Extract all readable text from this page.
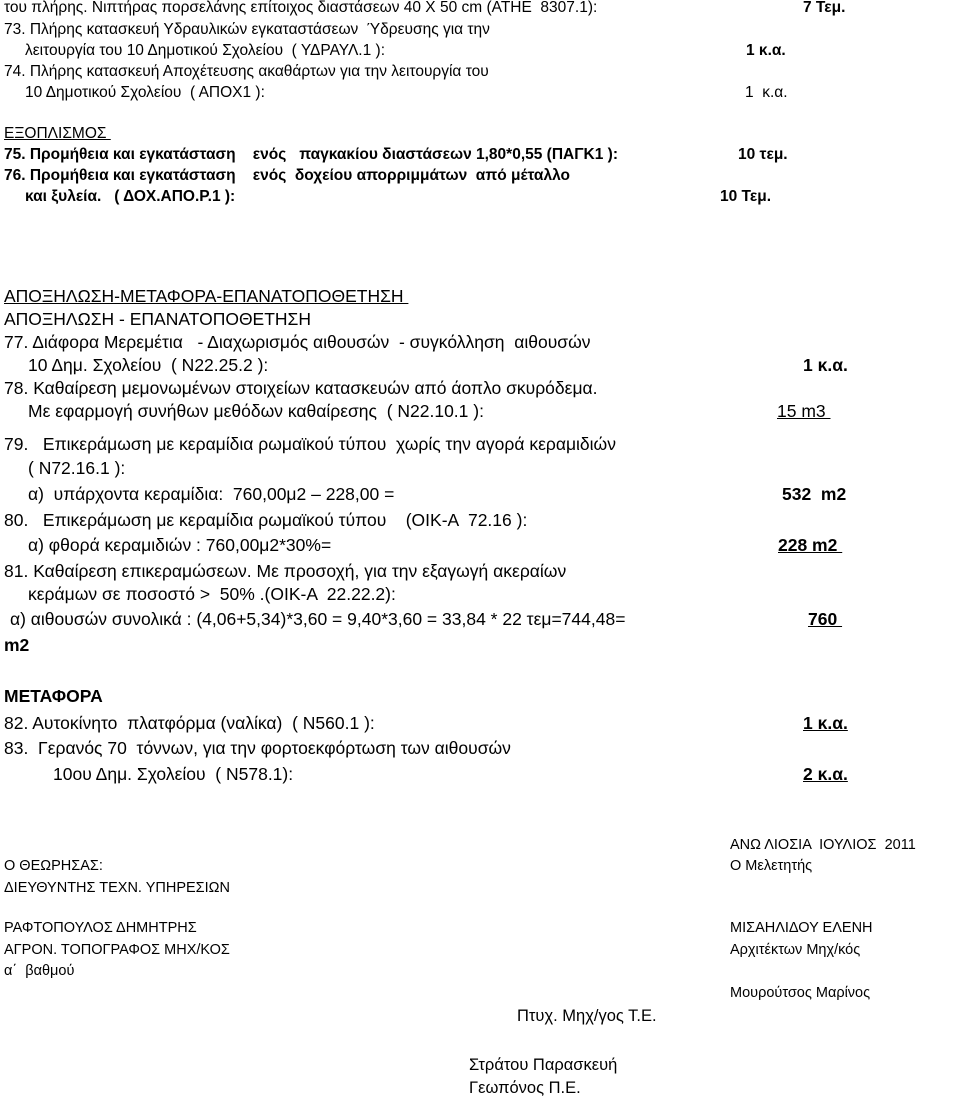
του πλήρης. Νιπτήρας πορσελάνης επίτοιχος διαστάσεων 40 Χ 50 cm (ΑΤΗΕ  8307.1):	7 Τεμ.
73. Πλήρης κατασκευή Υδραυλικών εγκαταστάσεων  Ύδρευσης για την
λειτουργία του 10 Δημοτικού Σχολείου  ( ΥΔΡΑΥΛ.1 ):	1 κ.α.
74. Πλήρης κατασκευή Αποχέτευσης ακαθάρτων για την λειτουργία του
10 Δημοτικού Σχολείου  ( ΑΠΟΧ1 ):	1  κ.α.
ΕΞΟΠΛΙΣΜΟΣ
75. Προμήθεια και εγκατάσταση    ενός   παγκακίου διαστάσεων 1,80*0,55 (ΠΑΓΚ1 ):	10 τεμ.
76. Προμήθεια και εγκατάσταση    ενός  δοχείου απορριμμάτων  από μέταλλο
και ξυλεία.   ( ΔΟΧ.ΑΠΟ.Ρ.1 ):	10 Τεμ.
ΑΠΟΞΗΛΩΣΗ-ΜΕΤΑΦΟΡΑ-ΕΠΑΝΑΤΟΠΟΘΕΤΗΣΗ
ΑΠΟΞΗΛΩΣΗ - ΕΠΑΝΑΤΟΠΟΘΕΤΗΣΗ
77. Διάφορα Μερεμέτια   - Διαχωρισμός αιθουσών  - συγκόλληση  αιθουσών
10 Δημ. Σχολείου  ( Ν22.25.2 ):	1 κ.α.
78. Καθαίρεση μεμονωμένων στοιχείων κατασκευών από άοπλο σκυρόδεμα.
Με εφαρμογή συνήθων μεθόδων καθαίρεσης  ( Ν22.10.1 ):	15 m3
79.   Επικεράμωση με κεραμίδια ρωμαϊκού τύπου  χωρίς την αγορά κεραμιδιών
( Ν72.16.1 ):
α)  υπάρχοντα κεραμίδια:  760,00μ2 – 228,00 =	532  m2
80.   Επικεράμωση με κεραμίδια ρωμαϊκού τύπου    (ΟΙΚ-Α  72.16 ):
α) φθορά κεραμιδιών : 760,00μ2*30%=	228 m2
81. Καθαίρεση επικεραμώσεων. Με προσοχή, για την εξαγωγή ακεραίων
κεράμων σε ποσοστό >  50% .(ΟΙΚ-Α  22.22.2):
α) αιθουσών συνολικά : (4,06+5,34)*3,60 = 9,40*3,60 = 33,84 * 22 τεμ=744,48=	760
m2
ΜΕΤΑΦΟΡΑ
82. Αυτοκίνητο  πλατφόρμα (ναλίκα)  ( Ν560.1 ):	1 κ.α.
83.  Γερανός 70  τόννων, για την φορτοεκφόρτωση των αιθουσών
10ου Δημ. Σχολείου  ( Ν578.1):	2 κ.α.
ΑΝΩ ΛΙΟΣΙΑ  ΙΟΥΛΙΟΣ  2011
Ο ΘΕΩΡΗΣΑΣ:	Ο Μελετητής
ΔΙΕΥΘΥΝΤΗΣ ΤΕΧΝ. ΥΠΗΡΕΣΙΩΝ
ΡΑΦΤΟΠΟΥΛΟΣ ΔΗΜΗΤΡΗΣ	ΜΙΣΑΗΛΙΔΟΥ ΕΛΕΝΗ
ΑΓΡΟΝ. ΤΟΠΟΓΡΑΦΟΣ ΜΗΧ/ΚΟΣ	Αρχιτέκτων Μηχ/κός
α΄  βαθμού
Μουρούτσος Μαρίνος
Πτυχ. Μηχ/γος Τ.Ε.
Στράτου Παρασκευή
Γεωπόνος Π.Ε.
